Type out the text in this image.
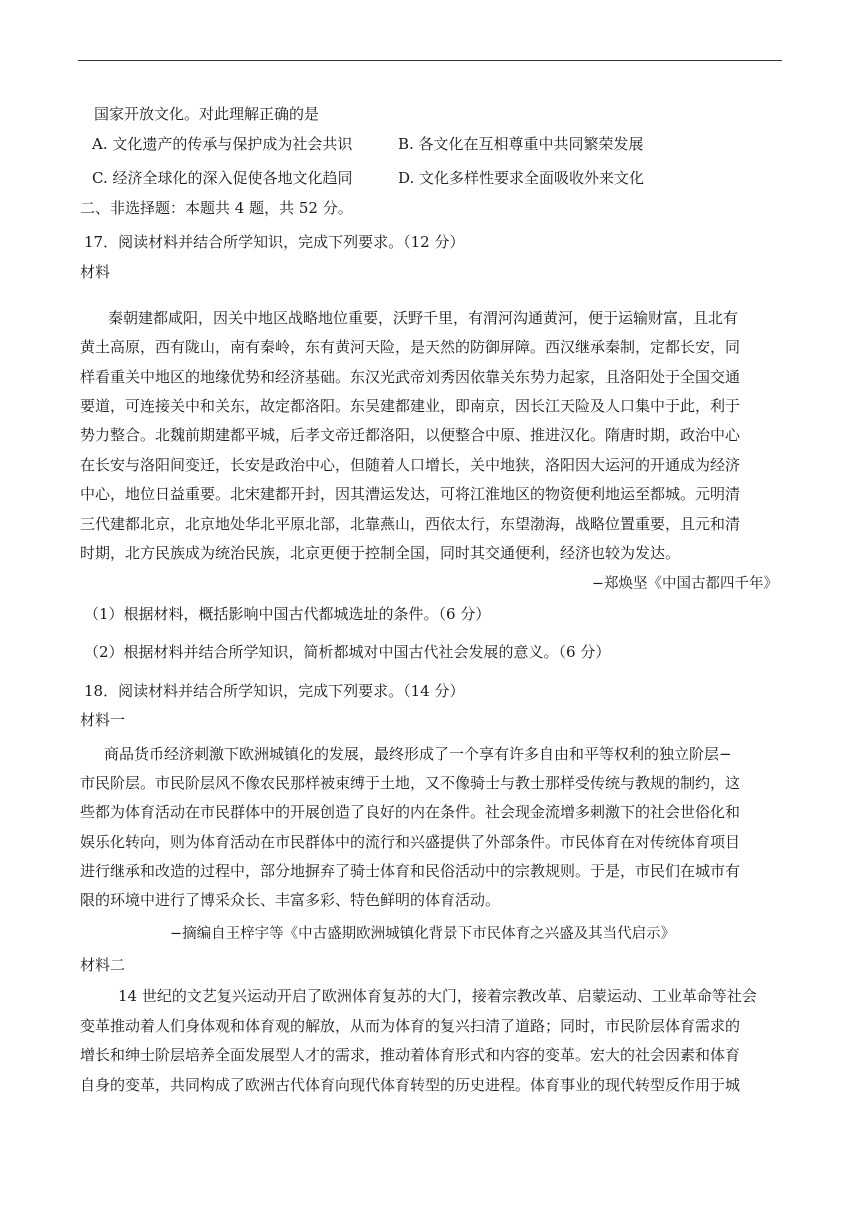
国家开放文化。对此理解正确的是
A. 文化遗产的传承与保护成为社会共识	B. 各文化在互相尊重中共同繁荣发展
C. 经济全球化的深入促使各地文化趋同	D. 文化多样性要求全面吸收外来文化
二、非选择题：本题共 4 题，共 52 分。
17．阅读材料并结合所学知识，完成下列要求。（12 分）
材料
秦朝建都咸阳，因关中地区战略地位重要，沃野千里，有渭河沟通黄河，便于运输财富，且北有
黄土高原，西有陇山，南有秦岭，东有黄河天险，是天然的防御屏障。西汉继承秦制，定都长安，同
样看重关中地区的地缘优势和经济基础。东汉光武帝刘秀因依靠关东势力起家，且洛阳处于全国交通
要道，可连接关中和关东，故定都洛阳。东吴建都建业，即南京，因长江天险及人口集中于此，利于
势力整合。北魏前期建都平城，后孝文帝迁都洛阳，以便整合中原、推进汉化。隋唐时期，政治中心
在长安与洛阳间变迁，长安是政治中心，但随着人口增长，关中地狭，洛阳因大运河的开通成为经济
中心，地位日益重要。北宋建都开封，因其漕运发达，可将江淮地区的物资便利地运至都城。元明清
三代建都北京，北京地处华北平原北部，北靠燕山，西依太行，东望渤海，战略位置重要，且元和清
时期，北方民族成为统治民族，北京更便于控制全国，同时其交通便利，经济也较为发达。
−郑焕坚《中国古都四千年》
（1）根据材料，概括影响中国古代都城选址的条件。（6 分）
（2）根据材料并结合所学知识，简析都城对中国古代社会发展的意义。（6 分）
18．阅读材料并结合所学知识，完成下列要求。（14 分）
材料一
商品货币经济刺激下欧洲城镇化的发展，最终形成了一个享有许多自由和平等权利的独立阶层−
市民阶层。市民阶层风不像农民那样被束缚于土地，又不像骑士与教士那样受传统与教规的制约，这
些都为体育活动在市民群体中的开展创造了良好的内在条件。社会现金流增多刺激下的社会世俗化和
娱乐化转向，则为体育活动在市民群体中的流行和兴盛提供了外部条件。市民体育在对传统体育项目
进行继承和改造的过程中，部分地摒弃了骑士体育和民俗活动中的宗教规则。于是，市民们在城市有
限的环境中进行了博采众长、丰富多彩、特色鲜明的体育活动。
−摘编自王梓宇等《中古盛期欧洲城镇化背景下市民体育之兴盛及其当代启示》
材料二
14 世纪的文艺复兴运动开启了欧洲体育复苏的大门，接着宗教改革、启蒙运动、工业革命等社会
变革推动着人们身体观和体育观的解放，从而为体育的复兴扫清了道路；同时，市民阶层体育需求的
增长和绅士阶层培养全面发展型人才的需求，推动着体育形式和内容的变革。宏大的社会因素和体育
自身的变革，共同构成了欧洲古代体育向现代体育转型的历史进程。体育事业的现代转型反作用于城
